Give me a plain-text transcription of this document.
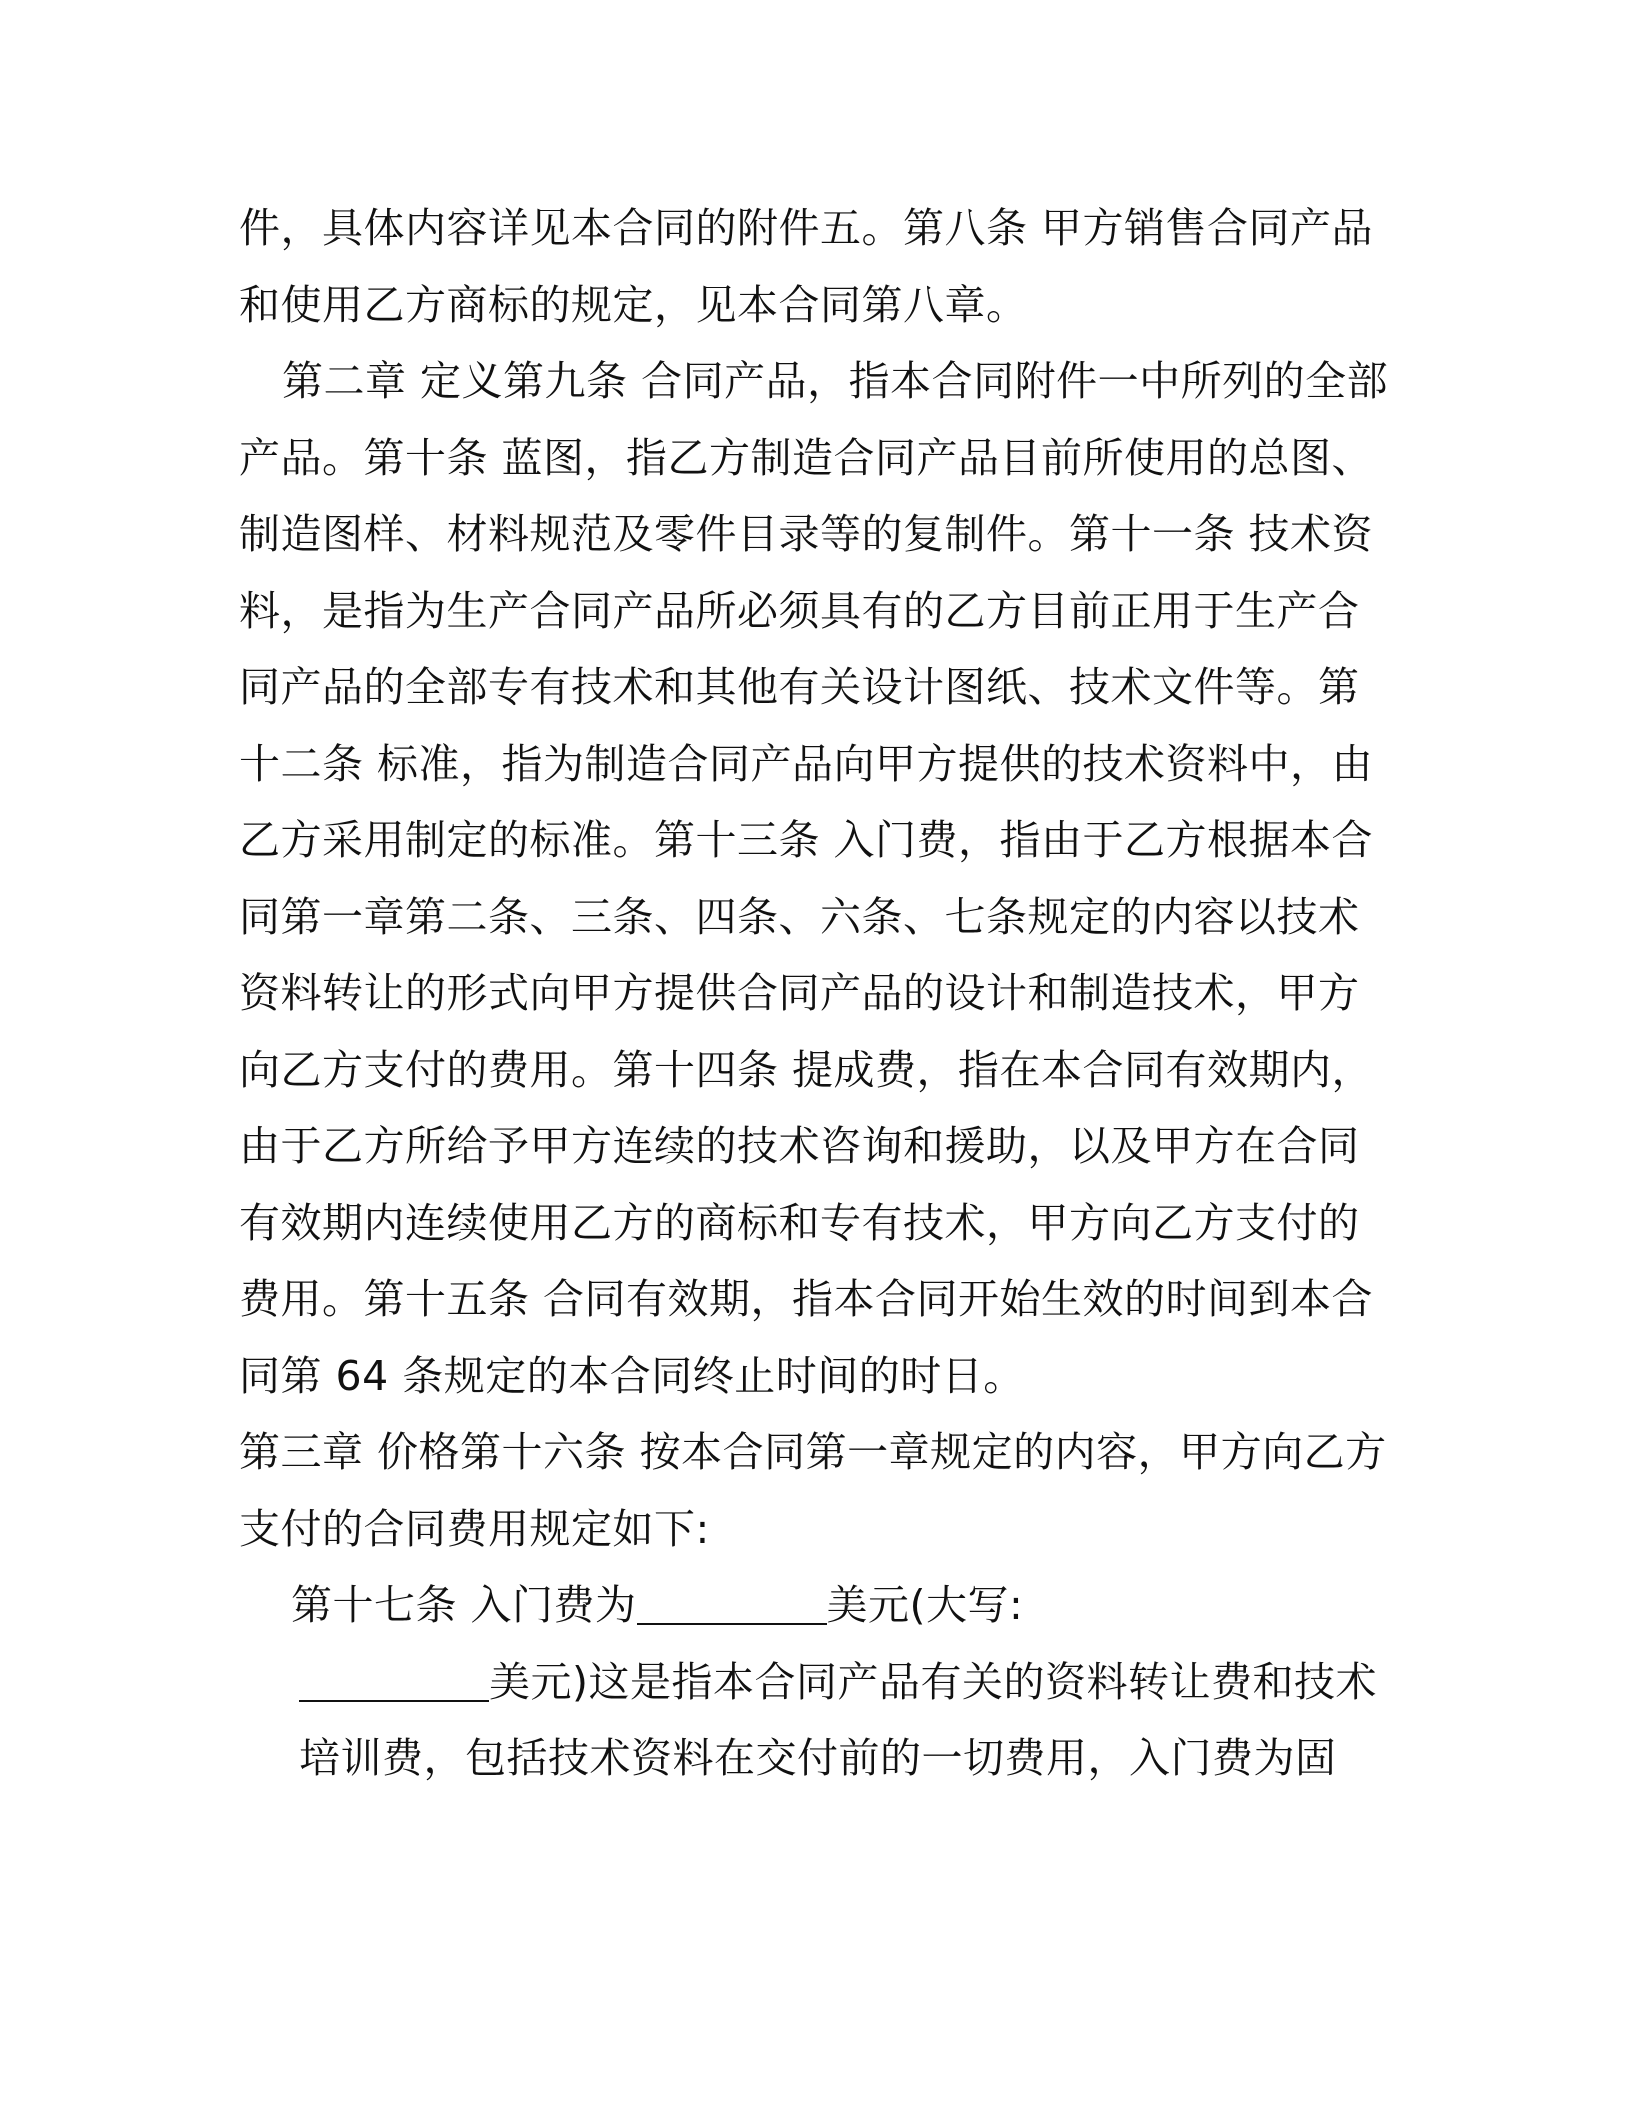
件，具体内容详见本合同的附件五。第八条 甲方销售合同产品和使用乙方商标的规定，见本合同第八章。

第二章 定义第九条 合同产品，指本合同附件一中所列的全部产品。第十条 蓝图，指乙方制造合同产品目前所使用的总图、制造图样、材料规范及零件目录等的复制件。第十一条 技术资料，是指为生产合同产品所必须具有的乙方目前正用于生产合同产品的全部专有技术和其他有关设计图纸、技术文件等。第十二条 标准，指为制造合同产品向甲方提供的技术资料中，由乙方采用制定的标准。第十三条 入门费，指由于乙方根据本合同第一章第二条、三条、四条、六条、七条规定的内容以技术资料转让的形式向甲方提供合同产品的设计和制造技术，甲方向乙方支付的费用。第十四条 提成费，指在本合同有效期内，由于乙方所给予甲方连续的技术咨询和援助，以及甲方在合同有效期内连续使用乙方的商标和专有技术，甲方向乙方支付的费用。第十五条 合同有效期，指本合同开始生效的时间到本合同第 64 条规定的本合同终止时间的时日。

第三章 价格第十六条 按本合同第一章规定的内容，甲方向乙方支付的合同费用规定如下:

第十七条 入门费为	美元(大写:

美元)这是指本合同产品有关的资料转让费和技术培训费，包括技术资料在交付前的一切费用，入门费为固
